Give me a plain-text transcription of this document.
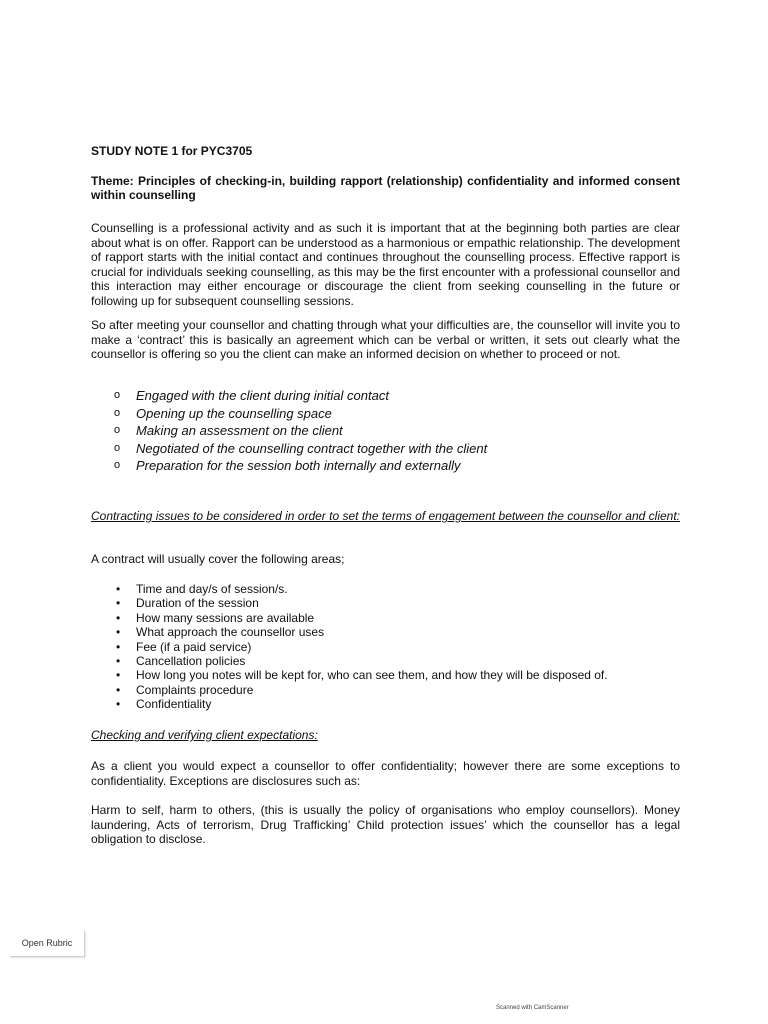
STUDY NOTE 1 for PYC3705
Theme: Principles of checking-in, building rapport (relationship) confidentiality and informed consent within counselling

Counselling is a professional activity and as such it is important that at the beginning both parties are clear about what is on offer. Rapport can be understood as a harmonious or empathic relationship. The development of rapport starts with the initial contact and continues throughout the counselling process. Effective rapport is crucial for individuals seeking counselling, as this may be the first encounter with a professional counsellor and this interaction may either encourage or discourage the client from seeking counselling in the future or following up for subsequent counselling sessions.

So after meeting your counsellor and chatting through what your difficulties are, the counsellor will invite you to make a ‘contract’ this is basically an agreement which can be verbal or written, it sets out clearly what the counsellor is offering so you the client can make an informed decision on whether to proceed or not.

o Engaged with the client during initial contact
o Opening up the counselling space
o Making an assessment on the client
o Negotiated of the counselling contract together with the client
o Preparation for the session both internally and externally
Contracting issues to be considered in order to set the terms of engagement between the counsellor and client:
A contract will usually cover the following areas;
• Time and day/s of session/s.
• Duration of the session
• How many sessions are available
• What approach the counsellor uses
• Fee (if a paid service)
• Cancellation policies
• How long you notes will be kept for, who can see them, and how they will be disposed of.
• Complaints procedure
• Confidentiality
Checking and verifying client expectations:

As a client you would expect a counsellor to offer confidentiality; however there are some exceptions to confidentiality. Exceptions are disclosures such as:

Harm to self, harm to others, (this is usually the policy of organisations who employ counsellors). Money laundering, Acts of terrorism, Drug Trafficking’ Child protection issues’ which the counsellor has a legal obligation to disclose.

Open Rubric
Scanned with CamScanner
